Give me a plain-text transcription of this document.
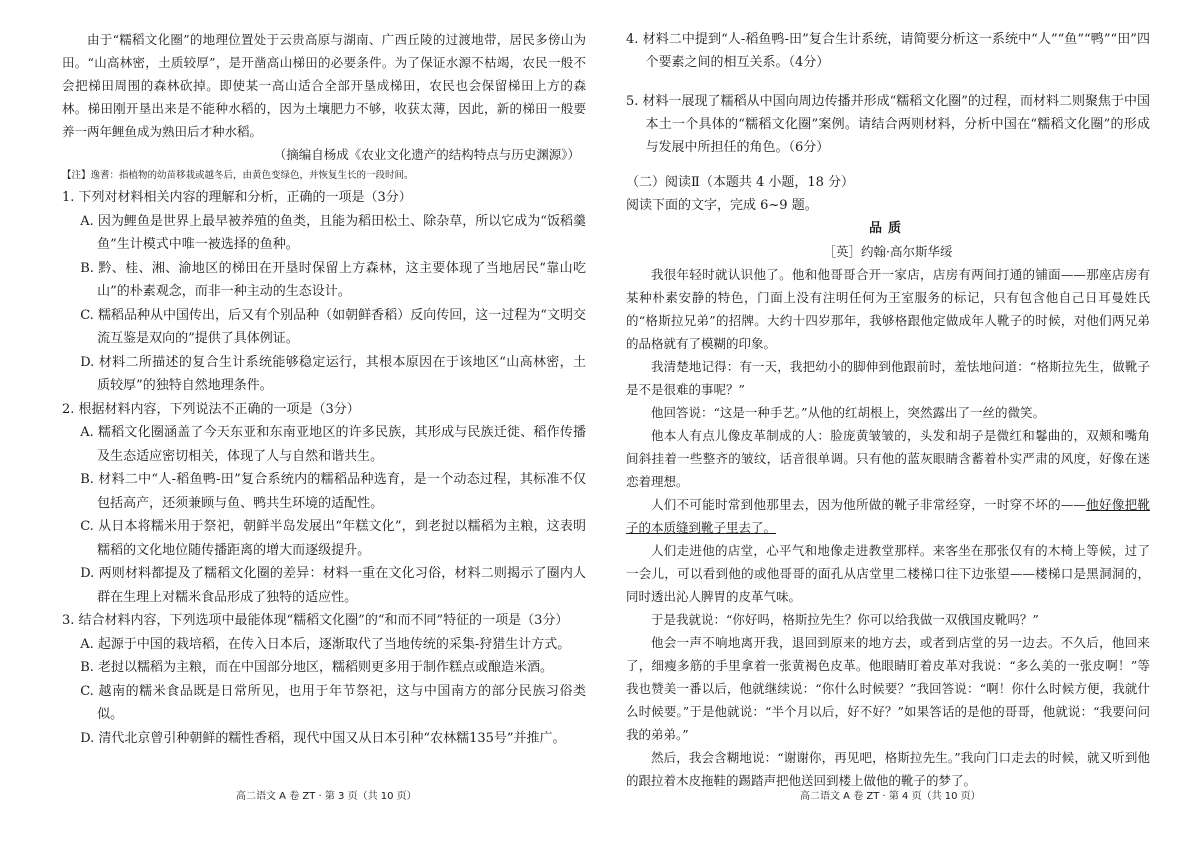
由于“糯稻文化圈”的地理位置处于云贵高原与湖南、广西丘陵的过渡地带，居民多傍山为田。“山高林密，土质较厚”，是开凿高山梯田的必要条件。为了保证水源不枯竭，农民一般不会把梯田周围的森林砍掉。即使某一高山适合全部开垦成梯田，农民也会保留梯田上方的森林。梯田刚开垦出来是不能种水稻的，因为土壤肥力不够，收获太薄，因此，新的梯田一般要养一两年鲤鱼成为熟田后才种水稻。

（摘编自杨成《农业文化遗产的结构特点与历史渊源》）

【注】逸耆：指植物的幼苗移栽或越冬后，由黄色变绿色，并恢复生长的一段时间。

1. 下列对材料相关内容的理解和分析，正确的一项是（3分）

A. 因为鲤鱼是世界上最早被养殖的鱼类，且能为稻田松土、除杂草，所以它成为“饭稻羹鱼”生计模式中唯一被选择的鱼种。

B. 黔、桂、湘、渝地区的梯田在开垦时保留上方森林，这主要体现了当地居民“靠山吃山”的朴素观念，而非一种主动的生态设计。

C. 糯稻品种从中国传出，后又有个别品种（如朝鲜香稻）反向传回，这一过程为“文明交流互鉴是双向的”提供了具体例证。

D. 材料二所描述的复合生计系统能够稳定运行，其根本原因在于该地区“山高林密，土质较厚”的独特自然地理条件。

2. 根据材料内容，下列说法不正确的一项是（3分）

A. 糯稻文化圈涵盖了今天东亚和东南亚地区的许多民族，其形成与民族迁徙、稻作传播及生态适应密切相关，体现了人与自然和谐共生。

B. 材料二中“人-稻鱼鸭-田”复合系统内的糯稻品种选育，是一个动态过程，其标准不仅包括高产，还须兼顾与鱼、鸭共生环境的适配性。

C. 从日本将糯米用于祭祀，朝鲜半岛发展出“年糕文化”，到老挝以糯稻为主粮，这表明糯稻的文化地位随传播距离的增大而逐级提升。

D. 两则材料都提及了糯稻文化圈的差异：材料一重在文化习俗，材料二则揭示了圈内人群在生理上对糯米食品形成了独特的适应性。

3. 结合材料内容，下列选项中最能体现“糯稻文化圈”的“和而不同”特征的一项是（3分）

A. 起源于中国的栽培稻，在传入日本后，逐渐取代了当地传统的采集-狩猎生计方式。

B. 老挝以糯稻为主粮，而在中国部分地区，糯稻则更多用于制作糕点或酿造米酒。

C. 越南的糯米食品既是日常所见，也用于年节祭祀，这与中国南方的部分民族习俗类似。

D. 清代北京曾引种朝鲜的糯性香稻，现代中国又从日本引种“农林糯135号”并推广。

4. 材料二中提到“人-稻鱼鸭-田”复合生计系统，请简要分析这一系统中“人”“鱼”“鸭”“田”四个要素之间的相互关系。（4分）

5. 材料一展现了糯稻从中国向周边传播并形成“糯稻文化圈”的过程，而材料二则聚焦于中国本土一个具体的“糯稻文化圈”案例。请结合两则材料，分析中国在“糯稻文化圈”的形成与发展中所担任的角色。（6分）

（二）阅读Ⅱ（本题共 4 小题，18 分）

阅读下面的文字，完成 6~9 题。

品质

［英］约翰·高尔斯华绥

我很年轻时就认识他了。他和他哥哥合开一家店，店房有两间打通的铺面——那座店房有某种朴素安静的特色，门面上没有注明任何为王室服务的标记，只有包含他自己日耳曼姓氏的“格斯拉兄弟”的招牌。大约十四岁那年，我够格跟他定做成年人靴子的时候，对他们两兄弟的品格就有了模糊的印象。

我清楚地记得：有一天，我把幼小的脚伸到他跟前时，羞怯地问道：“格斯拉先生，做靴子是不是很难的事呢？”

他回答说：“这是一种手艺。”从他的红胡根上，突然露出了一丝的微笑。

他本人有点儿像皮革制成的人：脸庞黄皱皱的，头发和胡子是微红和鬈曲的，双颊和嘴角间斜挂着一些整齐的皱纹，话音很单调。只有他的蓝灰眼睛含蓄着朴实严肃的风度，好像在迷恋着理想。

人们不可能时常到他那里去，因为他所做的靴子非常经穿，一时穿不坏的——他好像把靴子的本质缝到靴子里去了。

人们走进他的店堂，心平气和地像走进教堂那样。来客坐在那张仅有的木椅上等候，过了一会儿，可以看到他的或他哥哥的面孔从店堂里二楼梯口往下边张望——楼梯口是黑洞洞的，同时透出沁人脾胃的皮革气味。

于是我就说：“你好吗，格斯拉先生？你可以给我做一双俄国皮靴吗？”

他会一声不响地离开我，退回到原来的地方去，或者到店堂的另一边去。不久后，他回来了，细瘦多筋的手里拿着一张黄褐色皮革。他眼睛盯着皮革对我说：“多么美的一张皮啊！”等我也赞美一番以后，他就继续说：“你什么时候要？”我回答说：“啊！你什么时候方便，我就什么时候要。”于是他就说：“半个月以后，好不好？”如果答话的是他的哥哥，他就说：“我要问问我的弟弟。”

然后，我会含糊地说：“谢谢你，再见吧，格斯拉先生。”我向门口走去的时候，就又听到他的跟拉着木皮拖鞋的踢踏声把他送回到楼上做他的靴子的梦了。

高二语文 A 卷 ZT · 第 3 页（共 10 页）	高二语文 A 卷 ZT · 第 4 页（共 10 页）
